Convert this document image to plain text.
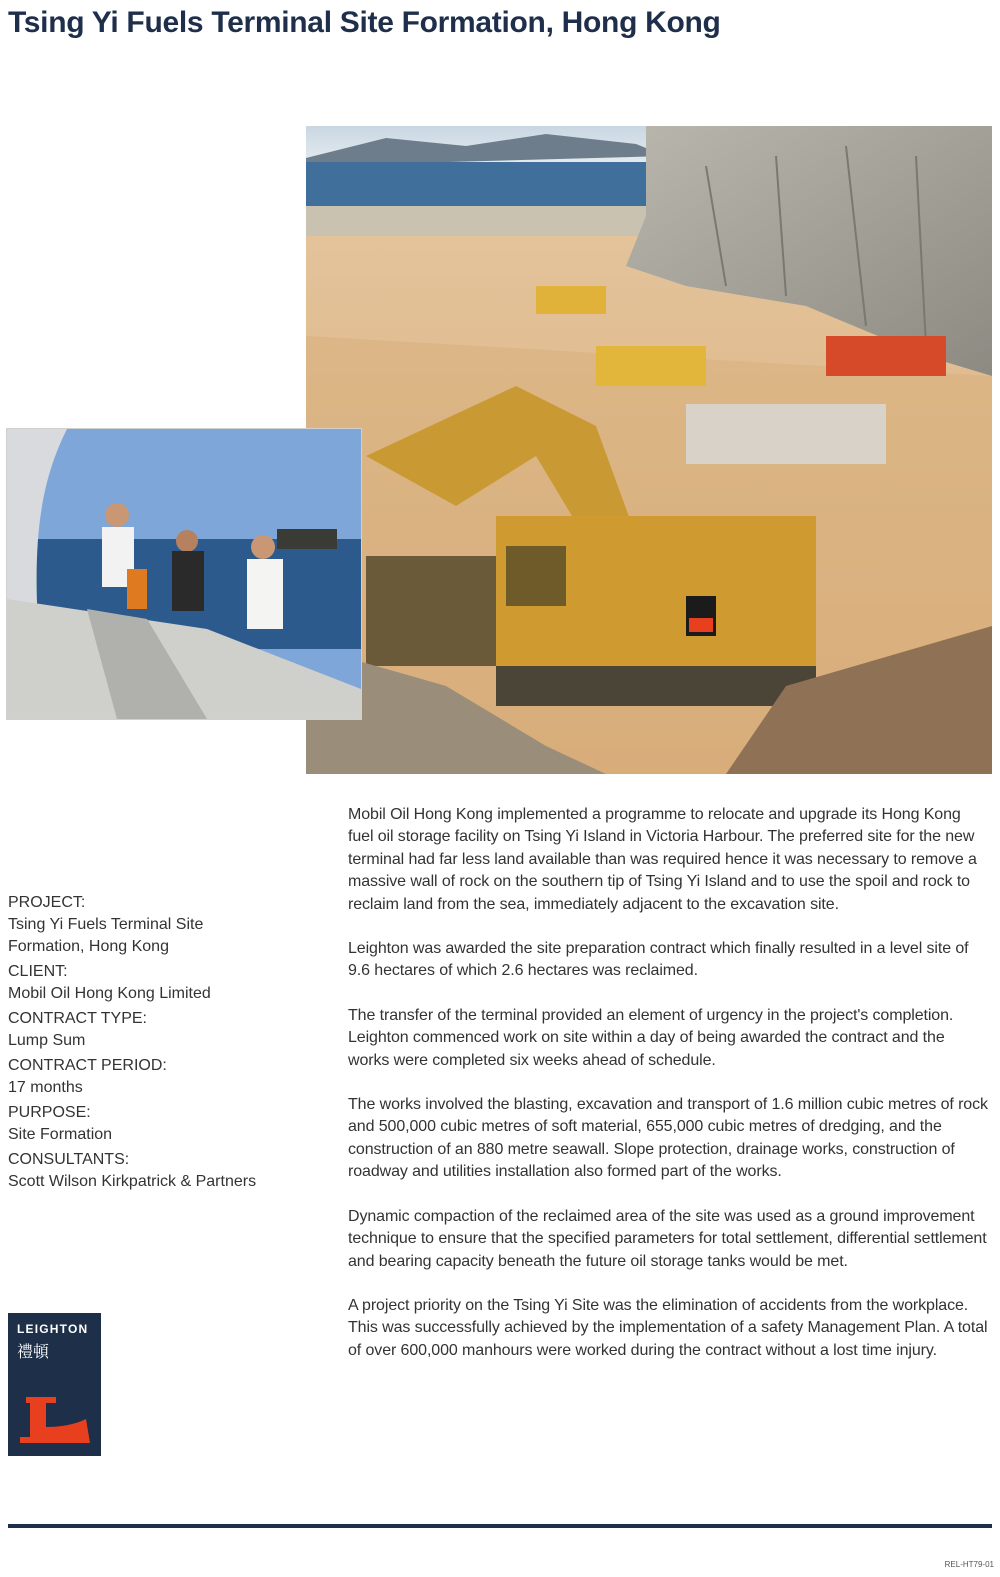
Tsing Yi Fuels Terminal Site Formation, Hong Kong
PROJECT:
Tsing Yi Fuels Terminal Site Formation, Hong Kong
CLIENT:
Mobil Oil Hong Kong Limited
CONTRACT TYPE:
Lump Sum
CONTRACT PERIOD:
17 months
PURPOSE:
Site Formation
CONSULTANTS:
Scott Wilson Kirkpatrick & Partners

Mobil Oil Hong Kong implemented a programme to relocate and upgrade its Hong Kong fuel oil storage facility on Tsing Yi Island in Victoria Harbour. The preferred site for the new terminal had far less land available than was required hence it was necessary to remove a massive wall of rock on the southern tip of Tsing Yi Island and to use the spoil and rock to reclaim land from the sea, immediately adjacent to the excavation site.

Leighton was awarded the site preparation contract which finally resulted in a level site of 9.6 hectares of which 2.6 hectares was reclaimed.

The transfer of the terminal provided an element of urgency in the project's completion. Leighton commenced work on site within a day of being awarded the contract and the works were completed six weeks ahead of schedule.

The works involved the blasting, excavation and transport of 1.6 million cubic metres of rock and 500,000 cubic metres of soft material, 655,000 cubic metres of dredging, and the construction of an 880 metre seawall. Slope protection, drainage works, construction of roadway and utilities installation also formed part of the works.

Dynamic compaction of the reclaimed area of the site was used as a ground improvement technique to ensure that the specified parameters for total settlement, differential settlement and bearing capacity beneath the future oil storage tanks would be met.

A project priority on the Tsing Yi Site was the elimination of accidents from the workplace. This was successfully achieved by the implementation of a safety Management Plan. A total of over 600,000 manhours were worked during the contract without a lost time injury.

LEIGHTON
禮頓
REL-HT79-01
